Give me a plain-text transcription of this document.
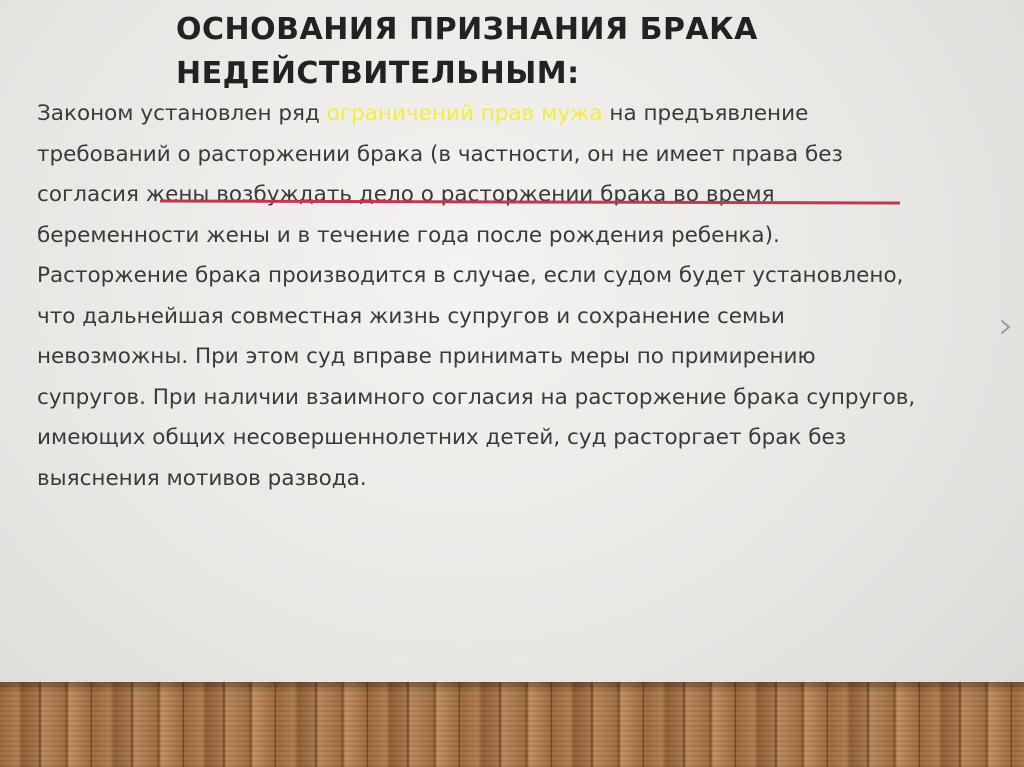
ОСНОВАНИЯ ПРИЗНАНИЯ БРАКА
НЕДЕЙСТВИТЕЛЬНЫМ:
Законом установлен ряд ограничений прав мужа на предъявление
требований о расторжении брака (в частности, он не имеет права без
согласия жены возбуждать дело о расторжении брака во время
беременности жены и в течение года после рождения ребенка).
Расторжение брака производится в случае, если судом будет установлено,
что дальнейшая совместная жизнь супругов и сохранение семьи
невозможны. При этом суд вправе принимать меры по примирению
супругов. При наличии взаимного согласия на расторжение брака супругов,
имеющих общих несовершеннолетних детей, суд расторгает брак без
выяснения мотивов развода.
